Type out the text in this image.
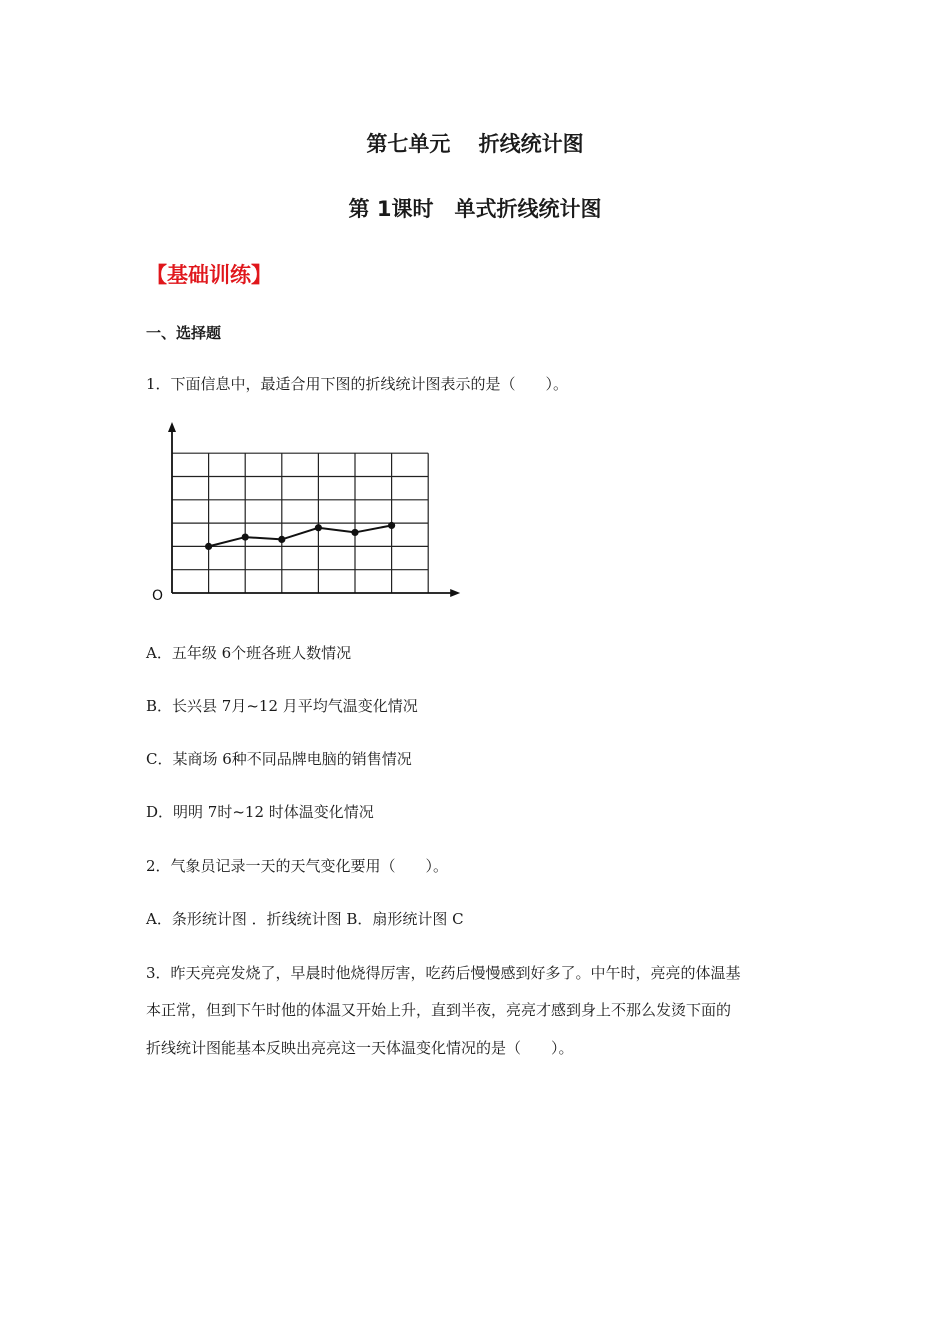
第七单元　 折线统计图
第 1课时　单式折线统计图
【基础训练】
一、选择题
1．下面信息中，最适合用下图的折线统计图表示的是（　　）。
O
A．五年级 6个班各班人数情况
B．长兴县 7月~12 月平均气温变化情况
C．某商场 6种不同品牌电脑的销售情况
D．明明 7时~12 时体温变化情况
2．气象员记录一天的天气变化要用（　　）。
A．条形统计图 ．折线统计图 B．扇形统计图 C
3．昨天亮亮发烧了，早晨时他烧得厉害，吃药后慢慢感到好多了。中午时，亮亮的体温基
本正常，但到下午时他的体温又开始上升，直到半夜，亮亮才感到身上不那么发烫下面的
折线统计图能基本反映出亮亮这一天体温变化情况的是（　　）。
